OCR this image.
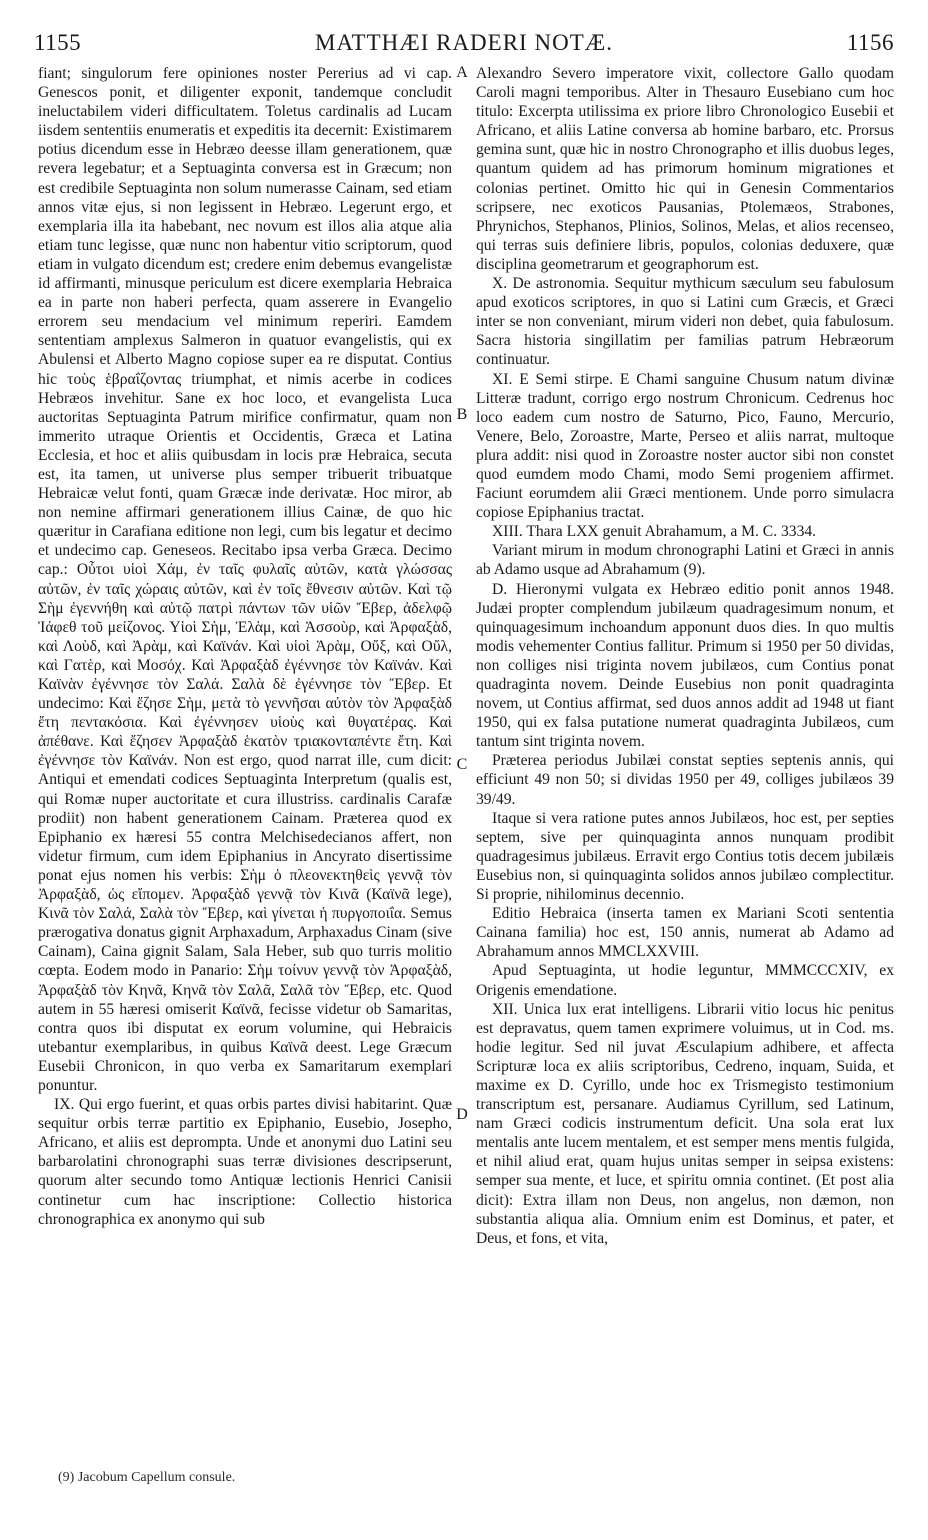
1155	MATTHÆI RADERI NOTÆ.	1156

fiant; singulorum fere opiniones noster Pererius ad vi cap. Genescos ponit, et diligenter exponit, tandemque concludit ineluctabilem videri difficultatem. Toletus cardinalis ad Lucam iisdem sententiis enumeratis et expeditis ita decernit: Existimarem potius dicendum esse in Hebræo deesse illam generationem, quæ revera legebatur; et a Septuaginta conversa est in Græcum; non est credibile Septuaginta non solum numerasse Cainam, sed etiam annos vitæ ejus, si non legissent in Hebræo. Legerunt ergo, et exemplaria illa ita habebant, nec novum est illos alia atque alia etiam tunc legisse, quæ nunc non habentur vitio scriptorum, quod etiam in vulgato dicendum est; credere enim debemus evangelistæ id affirmanti, minusque periculum est dicere exemplaria Hebraica ea in parte non haberi perfecta, quam asserere in Evangelio errorem seu mendacium vel minimum reperiri. Eamdem sententiam amplexus Salmeron in quatuor evangelistis, qui ex Abulensi et Alberto Magno copiose super ea re disputat. Contius hic τοὺς ἑβραΐζοντας triumphat, et nimis acerbe in codices Hebræos invehitur. Sane ex hoc loco, et evangelista Luca auctoritas Septuaginta Patrum mirifice confirmatur, quam non immerito utraque Orientis et Occidentis, Græca et Latina Ecclesia, et hoc et aliis quibusdam in locis præ Hebraica, secuta est, ita tamen, ut universe plus semper tribuerit tribuatque Hebraicæ velut fonti, quam Græcæ inde derivatæ. Hoc miror, ab non nemine affirmari generationem illius Cainæ, de quo hic quæritur in Carafiana editione non legi, cum bis legatur et decimo et undecimo cap. Geneseos. Recitabo ipsa verba Græca. Decimo cap.: Οὗτοι υἱοὶ Χάμ, ἐν ταῖς φυλαῖς αὐτῶν, κατὰ γλώσσας αὐτῶν, ἐν ταῖς χώραις αὐτῶν, καὶ ἐν τοῖς ἔθνεσιν αὐτῶν. Καὶ τῷ Σὴμ ἐγεννήθη καὶ αὐτῷ πατρὶ πάντων τῶν υἱῶν Ἔβερ, ἀδελφῷ Ἰάφεθ τοῦ μείζονος. Υἱοὶ Σὴμ, Ἐλὰμ, καὶ Ἀσσοὺρ, καὶ Ἀρφαξὰδ, καὶ Λοὺδ, καὶ Ἀρὰμ, καὶ Καϊνάν. Καὶ υἱοὶ Ἀρὰμ, Οὔξ, καὶ Οὔλ, καὶ Γατὲρ, καὶ Μοσόχ. Καὶ Ἀρφαξὰδ ἐγέννησε τὸν Καϊνάν. Καὶ Καϊνὰν ἐγέννησε τὸν Σαλά. Σαλὰ δὲ ἐγέννησε τὸν Ἔβερ. Et undecimo: Καὶ ἔζησε Σὴμ, μετὰ τὸ γεννῆσαι αὐτὸν τὸν Ἀρφαξὰδ ἔτη πεντακόσια. Καὶ ἐγέννησεν υἱοὺς καὶ θυγατέρας. Καὶ ἀπέθανε. Καὶ ἔζησεν Ἀρφαξὰδ ἑκατὸν τριακονταπέντε ἔτη. Καὶ ἐγέννησε τὸν Καϊνάν. Non est ergo, quod narrat ille, cum dicit: Antiqui et emendati codices Septuaginta Interpretum (qualis est, qui Romæ nuper auctoritate et cura illustriss. cardinalis Carafæ prodiit) non habent generationem Cainam. Præterea quod ex Epiphanio ex hæresi 55 contra Melchisedecianos affert, non videtur firmum, cum idem Epiphanius in Ancyrato disertissime ponat ejus nomen his verbis: Σὴμ ὁ πλεονεκτηθεὶς γεννᾷ τὸν Ἀρφαξὰδ, ὡς εἴπομεν. Ἀρφαξὰδ γεννᾷ τὸν Κινᾶ (Καϊνᾶ lege), Κινᾶ τὸν Σαλά, Σαλὰ τὸν Ἔβερ, καὶ γίνεται ἡ πυργοποιΐα. Semus prærogativa donatus gignit Arphaxadum, Arphaxadus Cinam (sive Cainam), Caina gignit Salam, Sala Heber, sub quo turris molitio cœpta. Eodem modo in Panario: Σὴμ τοίνυν γεννᾷ τὸν Ἀρφαξὰδ, Ἀρφαξὰδ τὸν Κηνᾶ, Κηνᾶ τὸν Σαλᾶ, Σαλᾶ τὸν Ἔβερ, etc. Quod autem in 55 hæresi omiserit Καϊνᾶ, fecisse videtur ob Samaritas, contra quos ibi disputat ex eorum volumine, qui Hebraicis utebantur exemplaribus, in quibus Καϊνᾶ deest. Lege Græcum Eusebii Chronicon, in quo verba ex Samaritarum exemplari ponuntur.

IX. Qui ergo fuerint, et quas orbis partes divisi habitarint. Quæ sequitur orbis terræ partitio ex Epiphanio, Eusebio, Josepho, Africano, et aliis est deprompta. Unde et anonymi duo Latini seu barbarolatini chronographi suas terræ divisiones descripserunt, quorum alter secundo tomo Antiquæ lectionis Henrici Canisii continetur cum hac inscriptione: Collectio historica chronographica ex anonymo qui sub

A
B
C
D

Alexandro Severo imperatore vixit, collectore Gallo quodam Caroli magni temporibus. Alter in Thesauro Eusebiano cum hoc titulo: Excerpta utilissima ex priore libro Chronologico Eusebii et Africano, et aliis Latine conversa ab homine barbaro, etc. Prorsus gemina sunt, quæ hic in nostro Chronographo et illis duobus leges, quantum quidem ad has primorum hominum migrationes et colonias pertinet. Omitto hic qui in Genesin Commentarios scripsere, nec exoticos Pausanias, Ptolemæos, Strabones, Phrynichos, Stephanos, Plinios, Solinos, Melas, et alios recenseo, qui terras suis definiere libris, populos, colonias deduxere, quæ disciplina geometrarum et geographorum est.

X. De astronomia. Sequitur mythicum sæculum seu fabulosum apud exoticos scriptores, in quo si Latini cum Græcis, et Græci inter se non conveniant, mirum videri non debet, quia fabulosum. Sacra historia singillatim per familias patrum Hebræorum continuatur.

XI. E Semi stirpe. E Chami sanguine Chusum natum divinæ Litteræ tradunt, corrigo ergo nostrum Chronicum. Cedrenus hoc loco eadem cum nostro de Saturno, Pico, Fauno, Mercurio, Venere, Belo, Zoroastre, Marte, Perseo et aliis narrat, multoque plura addit: nisi quod in Zoroastre noster auctor sibi non constet quod eumdem modo Chami, modo Semi progeniem affirmet. Faciunt eorumdem alii Græci mentionem. Unde porro simulacra copiose Epiphanius tractat.

XIII. Thara LXX genuit Abrahamum, a M. C. 3334.

Variant mirum in modum chronographi Latini et Græci in annis ab Adamo usque ad Abrahamum (9).

D. Hieronymi vulgata ex Hebræo editio ponit annos 1948. Judæi propter complendum jubilæum quadragesimum nonum, et quinquagesimum inchoandum apponunt duos dies. In quo multis modis vehementer Contius fallitur. Primum si 1950 per 50 dividas, non colliges nisi triginta novem jubilæos, cum Contius ponat quadraginta novem. Deinde Eusebius non ponit quadraginta novem, ut Contius affirmat, sed duos annos addit ad 1948 ut fiant 1950, qui ex falsa putatione numerat quadraginta Jubilæos, cum tantum sint triginta novem.

Præterea periodus Jubilæi constat septies septenis annis, qui efficiunt 49 non 50; si dividas 1950 per 49, colliges jubilæos 39 39/49.

Itaque si vera ratione putes annos Jubilæos, hoc est, per septies septem, sive per quinquaginta annos nunquam prodibit quadragesimus jubilæus. Erravit ergo Contius totis decem jubilæis Eusebius non, si quinquaginta solidos annos jubilæo complectitur. Si proprie, nihilominus decennio.

Editio Hebraica (inserta tamen ex Mariani Scoti sententia Cainana familia) hoc est, 150 annis, numerat ab Adamo ad Abrahamum annos MMCLXXVIII.

Apud Septuaginta, ut hodie leguntur, MMMCCCXIV, ex Origenis emendatione.

XII. Unica lux erat intelligens. Librarii vitio locus hic penitus est depravatus, quem tamen exprimere voluimus, ut in Cod. ms. hodie legitur. Sed nil juvat Æsculapium adhibere, et affecta Scripturæ loca ex aliis scriptoribus, Cedreno, inquam, Suida, et maxime ex D. Cyrillo, unde hoc ex Trismegisto testimonium transcriptum est, persanare. Audiamus Cyrillum, sed Latinum, nam Græci codicis instrumentum deficit. Una sola erat lux mentalis ante lucem mentalem, et est semper mens mentis fulgida, et nihil aliud erat, quam hujus unitas semper in seipsa existens: semper sua mente, et luce, et spiritu omnia continet. (Et post alia dicit): Extra illam non Deus, non angelus, non dæmon, non substantia aliqua alia. Omnium enim est Dominus, et pater, et Deus, et fons, et vita,

(9) Jacobum Capellum consule.
